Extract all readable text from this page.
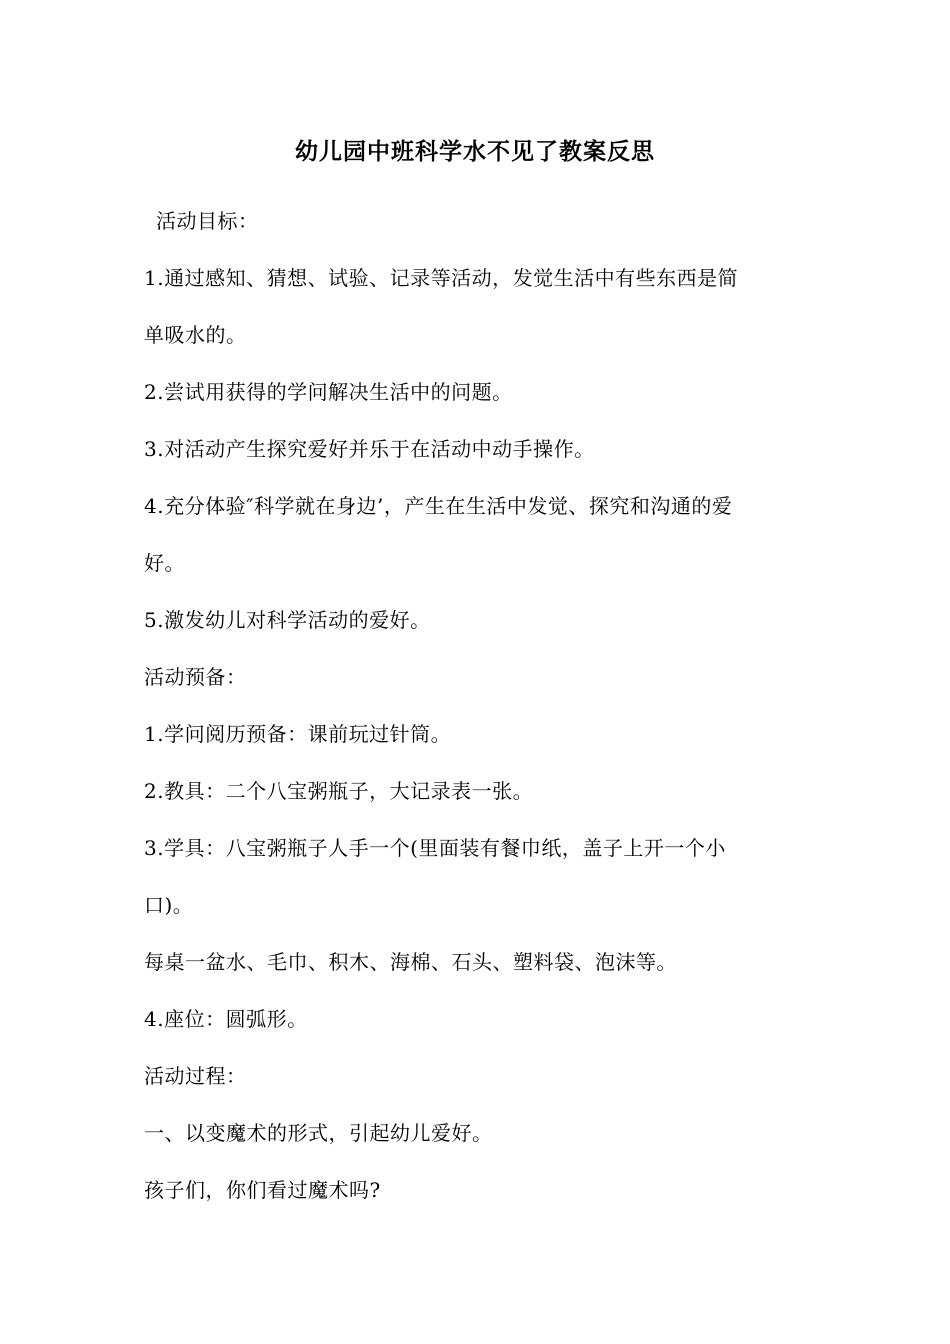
幼儿园中班科学水不见了教案反思
活动目标：
1.通过感知、猜想、试验、记录等活动，发觉生活中有些东西是简
单吸水的。
2.尝试用获得的学问解决生活中的问题。
3.对活动产生探究爱好并乐于在活动中动手操作。
4.充分体验″科学就在身边’，产生在生活中发觉、探究和沟通的爱
好。
5.激发幼儿对科学活动的爱好。
活动预备：
1.学问阅历预备：课前玩过针筒。
2.教具：二个八宝粥瓶子，大记录表一张。
3.学具：八宝粥瓶子人手一个(里面装有餐巾纸，盖子上开一个小
口)。
每桌一盆水、毛巾、积木、海棉、石头、塑料袋、泡沫等。
4.座位：圆弧形。
活动过程：
一、以变魔术的形式，引起幼儿爱好。
孩子们，你们看过魔术吗?
